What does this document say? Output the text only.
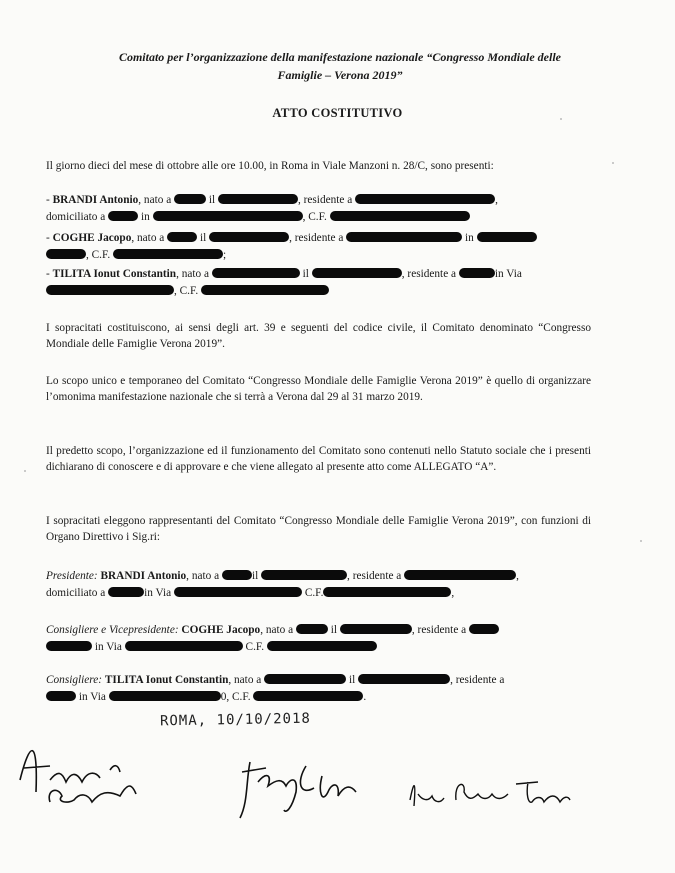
Comitato per l’organizzazione della manifestazione nazionale “Congresso Mondiale delle
Famiglie – Verona 2019”
ATTO COSTITUTIVO
Il giorno dieci del mese di ottobre alle ore 10.00, in Roma in Viale Manzoni n. 28/C, sono presenti:
- BRANDI Antonio, nato a	il	, residente a	,
domiciliato a	in	, C.F.
- COGHE Jacopo, nato a	il	, residente a	in
, C.F.	;
- TILITA Ionut Constantin, nato a	il	, residente a	in Via
, C.F.
I sopracitati costituiscono, ai sensi degli art. 39 e seguenti del codice civile, il Comitato denominato “Congresso Mondiale delle Famiglie Verona 2019”.
Lo scopo unico e temporaneo del Comitato “Congresso Mondiale delle Famiglie Verona 2019” è quello di organizzare l’omonima manifestazione nazionale che si terrà a Verona dal 29 al 31 marzo 2019.
Il predetto scopo, l’organizzazione ed il funzionamento del Comitato sono contenuti nello Statuto sociale che i presenti dichiarano di conoscere e di approvare e che viene allegato al presente atto come ALLEGATO “A”.
I sopracitati eleggono rappresentanti del Comitato “Congresso Mondiale delle Famiglie Verona 2019”, con funzioni di Organo Direttivo i Sig.ri:
Presidente: BRANDI Antonio, nato a	il	, residente a	,
domiciliato a	in Via	C.F.	,
Consigliere e Vicepresidente: COGHE Jacopo, nato a	il	, residente a
in Via	C.F.
Consigliere: TILITA Ionut Constantin, nato a	il	, residente a
in Via	0, C.F.	.
ROMA, 10/10/2018
